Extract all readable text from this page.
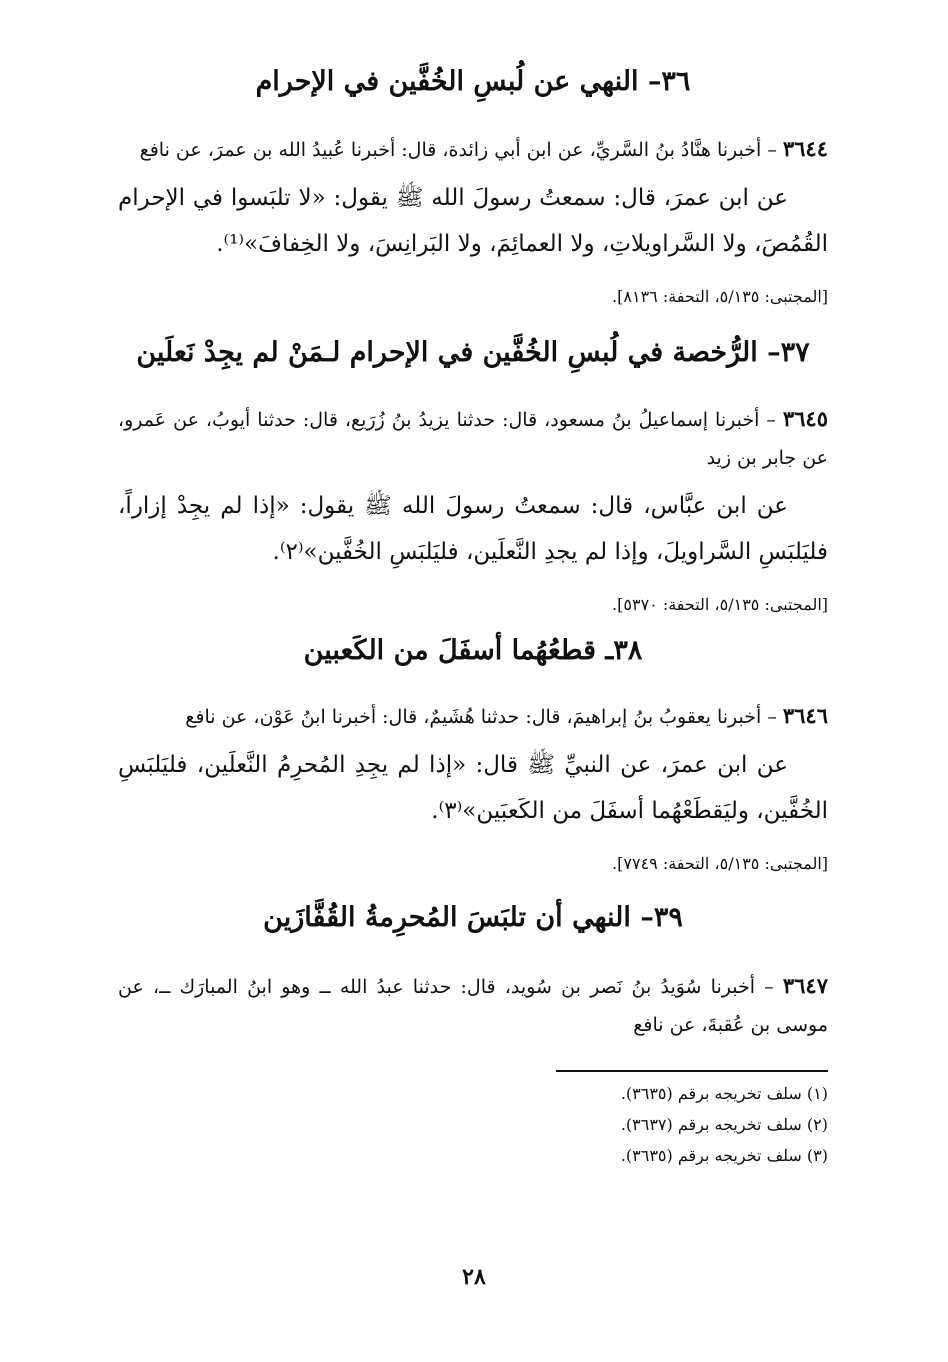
٣٦– النهي عن لُبسِ الخُفَّين في الإحرام

٣٦٤٤ – أخبرنا هنَّادُ بنُ السَّريِّ، عن ابن أبي زائدة، قال: أخبرنا عُبيدُ الله بن عمرَ، عن نافع

عن ابن عمرَ، قال: سمعتُ رسولَ الله ﷺ يقول: «لا تلبَسوا في الإحرام القُمُصَ، ولا السَّراويلاتِ، ولا العمائِمَ، ولا البَرانِسَ، ولا الخِفافَ»⁽¹⁾.

[المجتبى: ٥/١٣٥، التحفة: ٨١٣٦].

٣٧– الرُّخصة في لُبسِ الخُفَّين في الإحرام لـمَنْ لم يجِدْ نَعلَين

٣٦٤٥ – أخبرنا إسماعيلُ بنُ مسعود، قال: حدثنا يزيدُ بنُ زُرَيع، قال: حدثنا أيوبُ، عن عَمرو، عن جابر بن زيد

عن ابن عبَّاس، قال: سمعتُ رسولَ الله ﷺ يقول: «إذا لم يجِدْ إزاراً، فليَلبَسِ السَّراويلَ، وإذا لم يجدِ النَّعلَين، فليَلبَسِ الخُفَّين»⁽٢⁾.

[المجتبى: ٥/١٣٥، التحفة: ٥٣٧٠].

٣٨ـ قطعُهُما أسفَلَ من الكَعبين

٣٦٤٦ – أخبرنا يعقوبُ بنُ إبراهيمَ، قال: حدثنا هُشَيمٌ، قال: أخبرنا ابنُ عَوْن، عن نافع

عن ابن عمرَ، عن النبيِّ ﷺ قال: «إذا لم يجِدِ المُحرِمُ النَّعلَين، فليَلبَسِ الخُفَّين، وليَقطَعْهُما أسفَلَ من الكَعبَين»⁽٣⁾.

[المجتبى: ٥/١٣٥، التحفة: ٧٧٤٩].

٣٩– النهي أن تلبَسَ المُحرِمةُ القُفَّازَين

٣٦٤٧ – أخبرنا سُوَيدُ بنُ نَصر بن سُويد، قال: حدثنا عبدُ الله ــ وهو ابنُ المبارَك ــ، عن موسى بن عُقبةَ، عن نافع

(١) سلف تخريجه برقم (٣٦٣٥).
(٢) سلف تخريجه برقم (٣٦٣٧).
(٣) سلف تخريجه برقم (٣٦٣٥).
٢٨
